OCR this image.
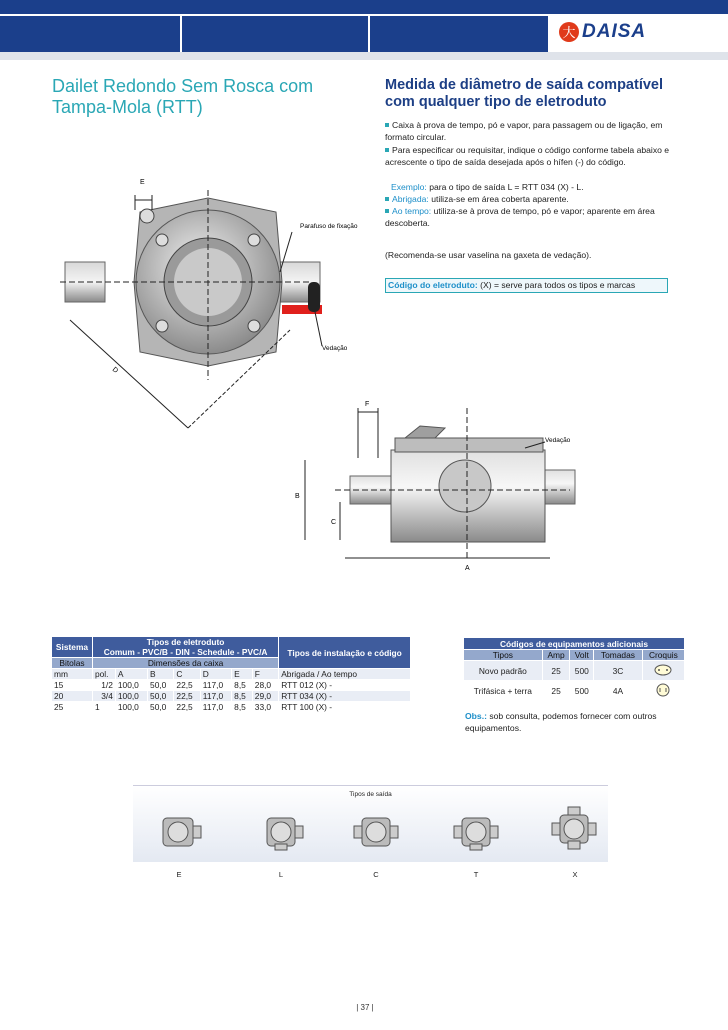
大 DAISA
Dailet Redondo Sem Rosca com Tampa-Mola (RTT)
Medida de diâmetro de saída compatível com qualquer tipo de eletroduto
Caixa à prova de tempo, pó e vapor, para passagem ou de ligação, em formato circular.
Para especificar ou requisitar, indique o código conforme tabela abaixo e acrescente o tipo de saída desejada após o hífen (-) do código.
Exemplo: para o tipo de saída L = RTT 034 (X) - L.
Abrigada: utiliza-se em área coberta aparente.
Ao tempo: utiliza-se à prova de tempo, pó e vapor; aparente em área descoberta.
(Recomenda-se usar vaselina na gaxeta de vedação).
Código do eletroduto: (X) = serve para todos os tipos e marcas
E
D
Parafuso de fixação
Vedação
F
B
C
A
Vedação
Sistema	Tipos de eletroduto
Comum - PVC/B - DIN - Schedule - PVC/A							Tipos de instalação e código
Bitolas	Dimensões da caixa							
mm	pol.	A	B	C	D	E	F	Abrigada / Ao tempo
15	1/2	100,0	50,0	22,5	117,0	8,5	28,0	RTT 012 (X) -
20	3/4	100,0	50,0	22,5	117,0	8,5	29,0	RTT 034 (X) -
25	1	100,0	50,0	22,5	117,0	8,5	33,0	RTT 100 (X) -
Códigos de equipamentos adicionais				
Tipos	Amp	Volt	Tomadas	Croquis
Novo padrão	25	500	3C	
Trifásica + terra	25	500	4A	
Obs.: sob consulta, podemos fornecer com outros equipamentos.
Tipos de saída
E	L	C	T	X
| 37 |
